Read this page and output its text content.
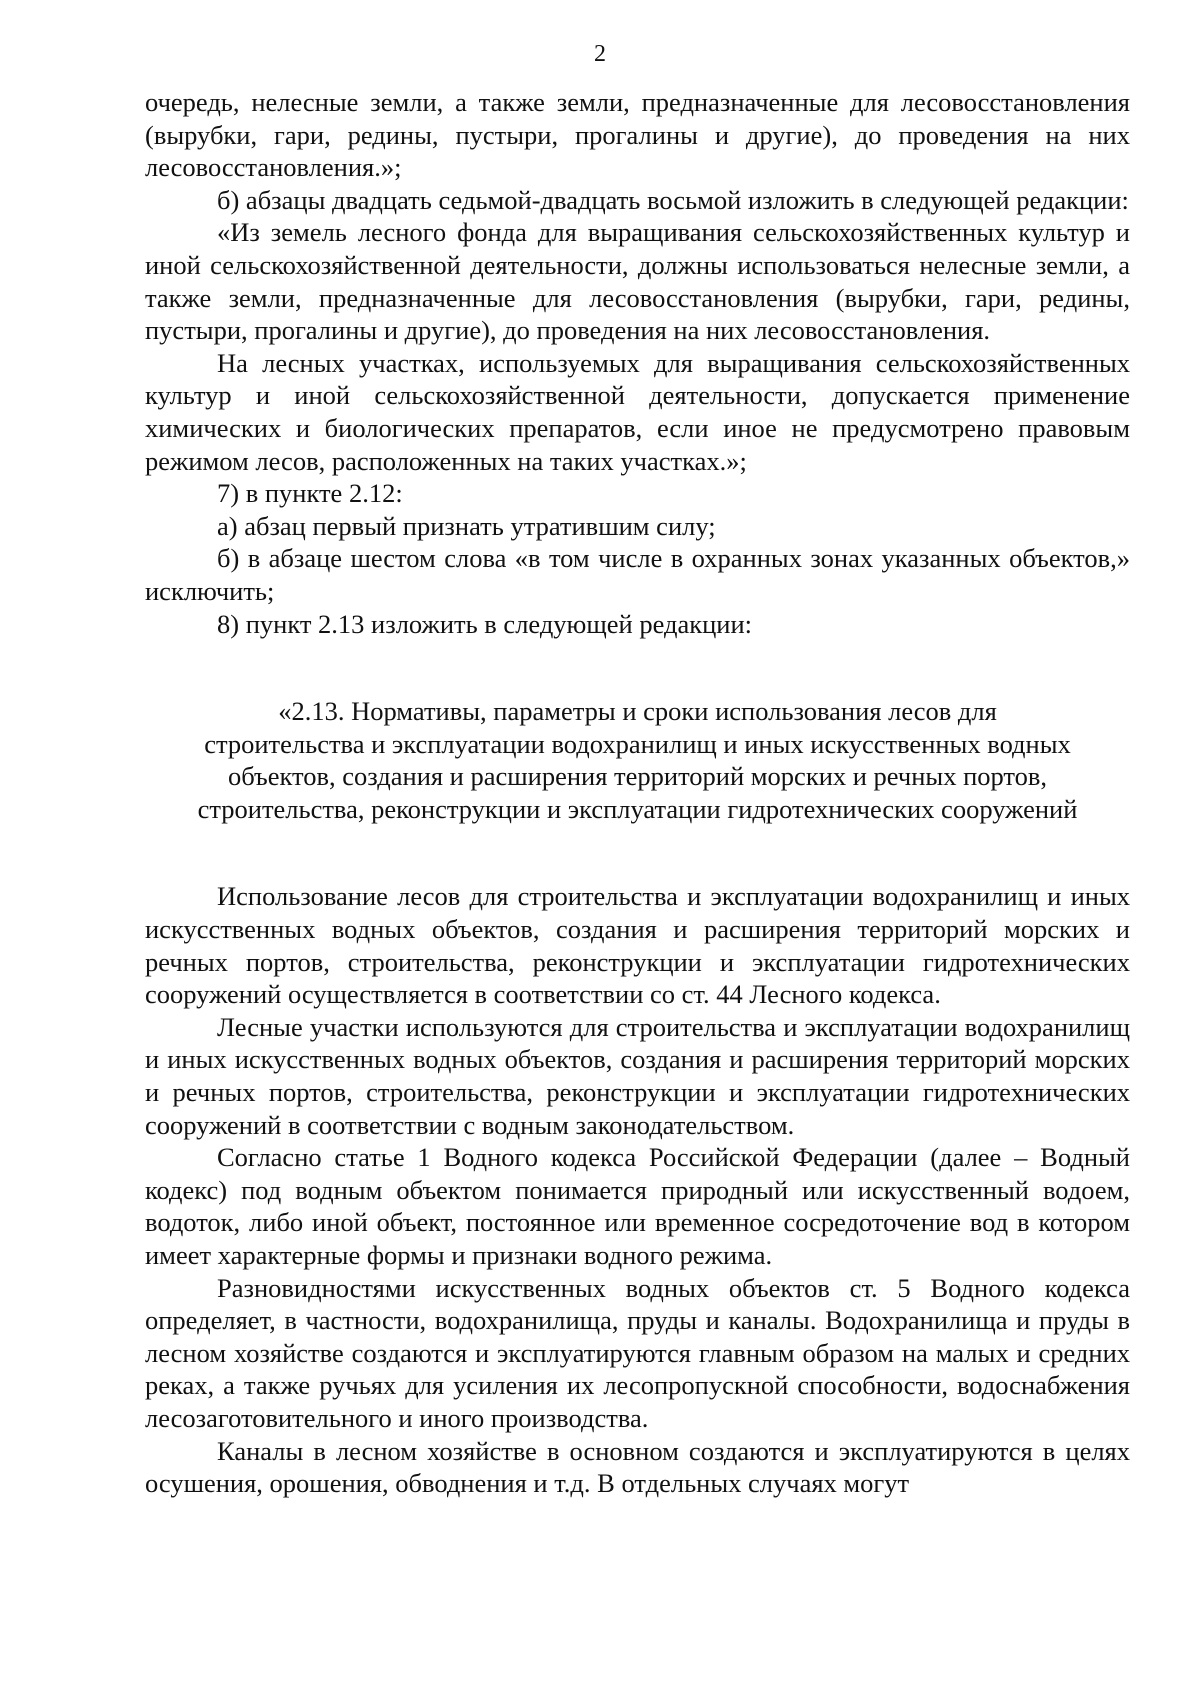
2

очередь, нелесные земли, а также земли, предназначенные для лесовосстановления (вырубки, гари, редины, пустыри, прогалины и другие), до проведения на них лесовосстановления.»;

б) абзацы двадцать седьмой-двадцать восьмой изложить в следующей редакции:

«Из земель лесного фонда для выращивания сельскохозяйственных культур и иной сельскохозяйственной деятельности, должны использоваться нелесные земли, а также земли, предназначенные для лесовосстановления (вырубки, гари, редины, пустыри, прогалины и другие), до проведения на них лесовосстановления.

На лесных участках, используемых для выращивания сельскохозяйственных культур и иной сельскохозяйственной деятельности, допускается применение химических и биологических препаратов, если иное не предусмотрено правовым режимом лесов, расположенных на таких участках.»;

7) в пункте 2.12:

а) абзац первый признать утратившим силу;

б) в абзаце шестом слова «в том числе в охранных зонах указанных объектов,» исключить;

8) пункт 2.13 изложить в следующей редакции:

«2.13. Нормативы, параметры и сроки использования лесов для
строительства и эксплуатации водохранилищ и иных искусственных водных
объектов, создания и расширения территорий морских и речных портов,
строительства, реконструкции и эксплуатации гидротехнических сооружений

Использование лесов для строительства и эксплуатации водохранилищ и иных искусственных водных объектов, создания и расширения территорий морских и речных портов, строительства, реконструкции и эксплуатации гидротехнических сооружений осуществляется в соответствии со ст. 44 Лесного кодекса.

Лесные участки используются для строительства и эксплуатации водохранилищ и иных искусственных водных объектов, создания и расширения территорий морских и речных портов, строительства, реконструкции и эксплуатации гидротехнических сооружений в соответствии с водным законодательством.

Согласно статье 1 Водного кодекса Российской Федерации (далее – Водный кодекс) под водным объектом понимается природный или искусственный водоем, водоток, либо иной объект, постоянное или временное сосредоточение вод в котором имеет характерные формы и признаки водного режима.

Разновидностями искусственных водных объектов ст. 5 Водного кодекса определяет, в частности, водохранилища, пруды и каналы. Водохранилища и пруды в лесном хозяйстве создаются и эксплуатируются главным образом на малых и средних реках, а также ручьях для усиления их лесопропускной способности, водоснабжения лесозаготовительного и иного производства.

Каналы в лесном хозяйстве в основном создаются и эксплуатируются в целях осушения, орошения, обводнения и т.д. В отдельных случаях могут
